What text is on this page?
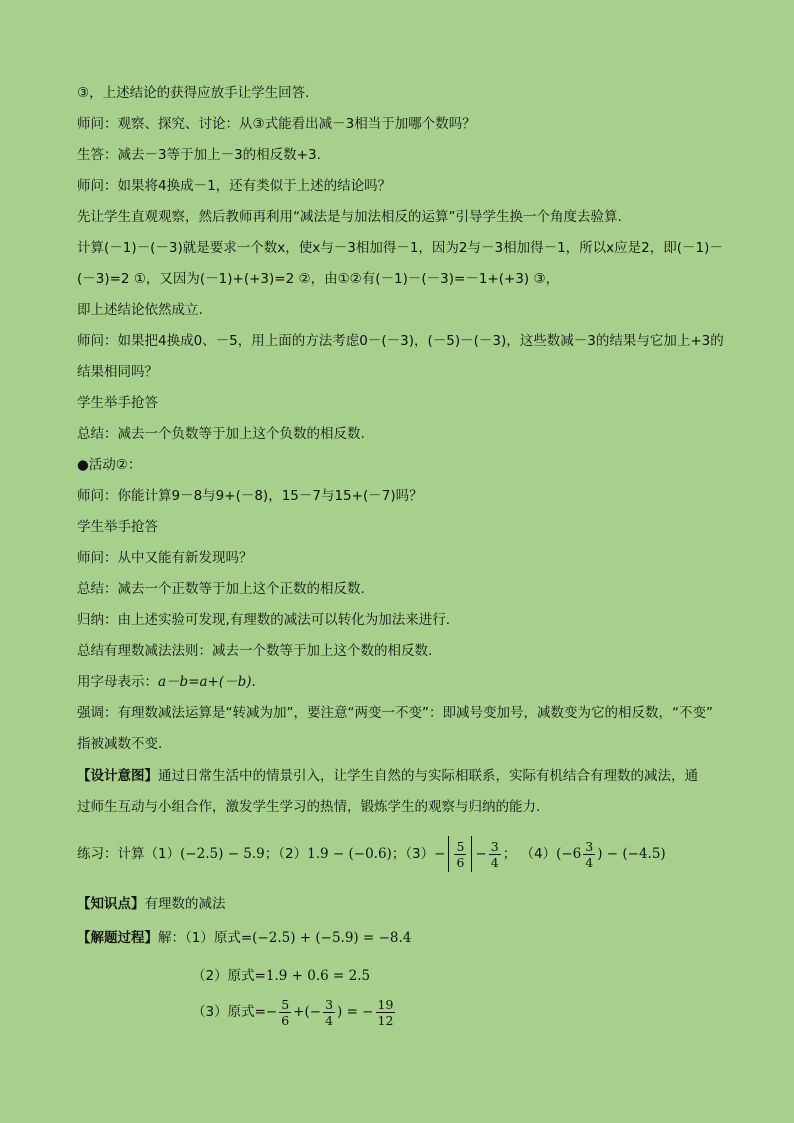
③，上述结论的获得应放手让学生回答.
师问：观察、探究、讨论：从③式能看出减－3相当于加哪个数吗？
生答：减去－3等于加上－3的相反数+3.
师问：如果将4换成－1，还有类似于上述的结论吗？
先让学生直观观察，然后教师再利用“减法是与加法相反的运算”引导学生换一个角度去验算.
计算(－1)－(－3)就是要求一个数x，使x与－3相加得－1，因为2与－3相加得－1，所以x应是2，即(－1)－
(－3)=2 ①，又因为(－1)+(+3)=2 ②，由①②有(－1)－(－3)=－1+(+3) ③，
即上述结论依然成立.
师问：如果把4换成0、－5，用上面的方法考虑0－(－3)，(－5)－(－3)，这些数减－3的结果与它加上+3的
结果相同吗？
学生举手抢答
总结：减去一个负数等于加上这个负数的相反数.
●活动②：
师问：你能计算9－8与9+(－8)，15－7与15+(－7)吗？
学生举手抢答
师问：从中又能有新发现吗？
总结：减去一个正数等于加上这个正数的相反数.
归纳：由上述实验可发现,有理数的减法可以转化为加法来进行.
总结有理数减法法则：减去一个数等于加上这个数的相反数.
用字母表示：a－b=a+(－b).
强调：有理数减法运算是“转减为加”，要注意“两变一不变”：即减号变加号，减数变为它的相反数，“不变”
指被减数不变.
【设计意图】通过日常生活中的情景引入，让学生自然的与实际相联系，实际有机结合有理数的减法，通
过师生互动与小组合作，激发学生学习的热情，锻炼学生的观察与归纳的能力.
练习：计算（1）(−2.5) − 5.9；（2）1.9 − (−0.6)；$(3)- \frac{5}{6} - \frac{3}{4}$ ； $(4)(-6 \frac{3}{4}$ ) − (−4.5)
【知识点】有理数的减法
【解题过程】解：（1）原式=(−2.5) + (−5.9) = −8.4
（2）原式=1.9 + 0.6 = 2.5
（3）原式=− $\frac{5}{6}$ +(− $\frac{3}{4}$ ) = − $\frac{19}{12}$
